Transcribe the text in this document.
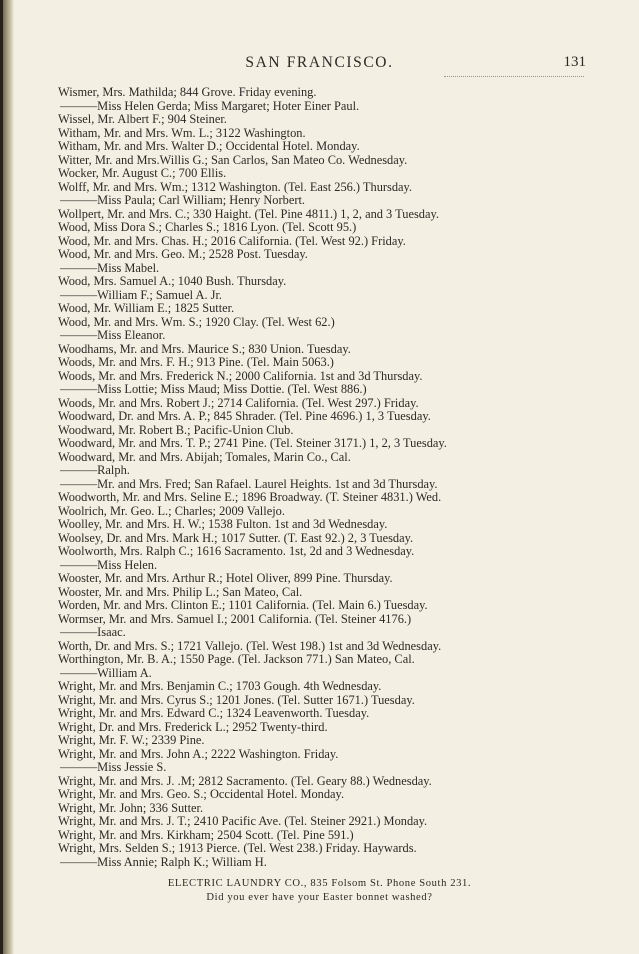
SAN FRANCISCO.	131
Wismer, Mrs. Mathilda; 844 Grove. Friday evening.
———Miss Helen Gerda; Miss Margaret; Hoter Einer Paul.
Wissel, Mr. Albert F.; 904 Steiner.
Witham, Mr. and Mrs. Wm. L.; 3122 Washington.
Witham, Mr. and Mrs. Walter D.; Occidental Hotel. Monday.
Witter, Mr. and Mrs.Willis G.; San Carlos, San Mateo Co. Wednesday.
Wocker, Mr. August C.; 700 Ellis.
Wolff, Mr. and Mrs. Wm.; 1312 Washington. (Tel. East 256.) Thursday.
———Miss Paula; Carl William; Henry Norbert.
Wollpert, Mr. and Mrs. C.; 330 Haight. (Tel. Pine 4811.) 1, 2, and 3 Tuesday.
Wood, Miss Dora S.; Charles S.; 1816 Lyon. (Tel. Scott 95.)
Wood, Mr. and Mrs. Chas. H.; 2016 California. (Tel. West 92.) Friday.
Wood, Mr. and Mrs. Geo. M.; 2528 Post. Tuesday.
———Miss Mabel.
Wood, Mrs. Samuel A.; 1040 Bush. Thursday.
———William F.; Samuel A. Jr.
Wood, Mr. William E.; 1825 Sutter.
Wood, Mr. and Mrs. Wm. S.; 1920 Clay. (Tel. West 62.)
———Miss Eleanor.
Woodhams, Mr. and Mrs. Maurice S.; 830 Union. Tuesday.
Woods, Mr. and Mrs. F. H.; 913 Pine. (Tel. Main 5063.)
Woods, Mr. and Mrs. Frederick N.; 2000 California. 1st and 3d Thursday.
———Miss Lottie; Miss Maud; Miss Dottie. (Tel. West 886.)
Woods, Mr. and Mrs. Robert J.; 2714 California. (Tel. West 297.) Friday.
Woodward, Dr. and Mrs. A. P.; 845 Shrader. (Tel. Pine 4696.) 1, 3 Tuesday.
Woodward, Mr. Robert B.; Pacific-Union Club.
Woodward, Mr. and Mrs. T. P.; 2741 Pine. (Tel. Steiner 3171.) 1, 2, 3 Tuesday.
Woodward, Mr. and Mrs. Abijah; Tomales, Marin Co., Cal.
———Ralph.
———Mr. and Mrs. Fred; San Rafael. Laurel Heights. 1st and 3d Thursday.
Woodworth, Mr. and Mrs. Seline E.; 1896 Broadway. (T. Steiner 4831.) Wed.
Woolrich, Mr. Geo. L.; Charles; 2009 Vallejo.
Woolley, Mr. and Mrs. H. W.; 1538 Fulton. 1st and 3d Wednesday.
Woolsey, Dr. and Mrs. Mark H.; 1017 Sutter. (T. East 92.) 2, 3 Tuesday.
Woolworth, Mrs. Ralph C.; 1616 Sacramento. 1st, 2d and 3 Wednesday.
———Miss Helen.
Wooster, Mr. and Mrs. Arthur R.; Hotel Oliver, 899 Pine. Thursday.
Wooster, Mr. and Mrs. Philip L.; San Mateo, Cal.
Worden, Mr. and Mrs. Clinton E.; 1101 California. (Tel. Main 6.) Tuesday.
Wormser, Mr. and Mrs. Samuel I.; 2001 California. (Tel. Steiner 4176.)
———Isaac.
Worth, Dr. and Mrs. S.; 1721 Vallejo. (Tel. West 198.) 1st and 3d Wednesday.
Worthington, Mr. B. A.; 1550 Page. (Tel. Jackson 771.) San Mateo, Cal.
———William A.
Wright, Mr. and Mrs. Benjamin C.; 1703 Gough. 4th Wednesday.
Wright, Mr. and Mrs. Cyrus S.; 1201 Jones. (Tel. Sutter 1671.) Tuesday.
Wright, Mr. and Mrs. Edward C.; 1324 Leavenworth. Tuesday.
Wright, Dr. and Mrs. Frederick L.; 2952 Twenty-third.
Wright, Mr. F. W.; 2339 Pine.
Wright, Mr. and Mrs. John A.; 2222 Washington. Friday.
———Miss Jessie S.
Wright, Mr. and Mrs. J. .M; 2812 Sacramento. (Tel. Geary 88.) Wednesday.
Wright, Mr. and Mrs. Geo. S.; Occidental Hotel. Monday.
Wright, Mr. John; 336 Sutter.
Wright, Mr. and Mrs. J. T.; 2410 Pacific Ave. (Tel. Steiner 2921.) Monday.
Wright, Mr. and Mrs. Kirkham; 2504 Scott. (Tel. Pine 591.)
Wright, Mrs. Selden S.; 1913 Pierce. (Tel. West 238.) Friday. Haywards.
———Miss Annie; Ralph K.; William H.
ELECTRIC LAUNDRY CO., 835 Folsom St. Phone South 231.
Did you ever have your Easter bonnet washed?
